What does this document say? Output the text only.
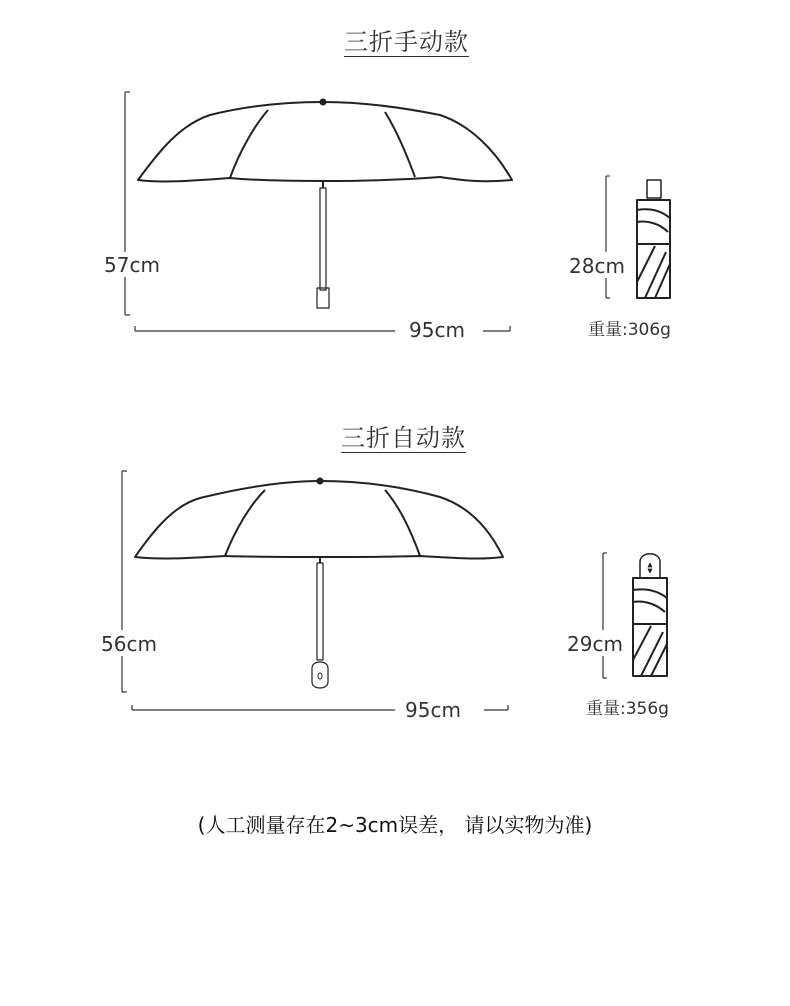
三折手动款
57cm
95cm
28cm
重量:306g
三折自动款
56cm
95cm
29cm
重量:356g
(人工测量存在2~3cm误差， 请以实物为准)
